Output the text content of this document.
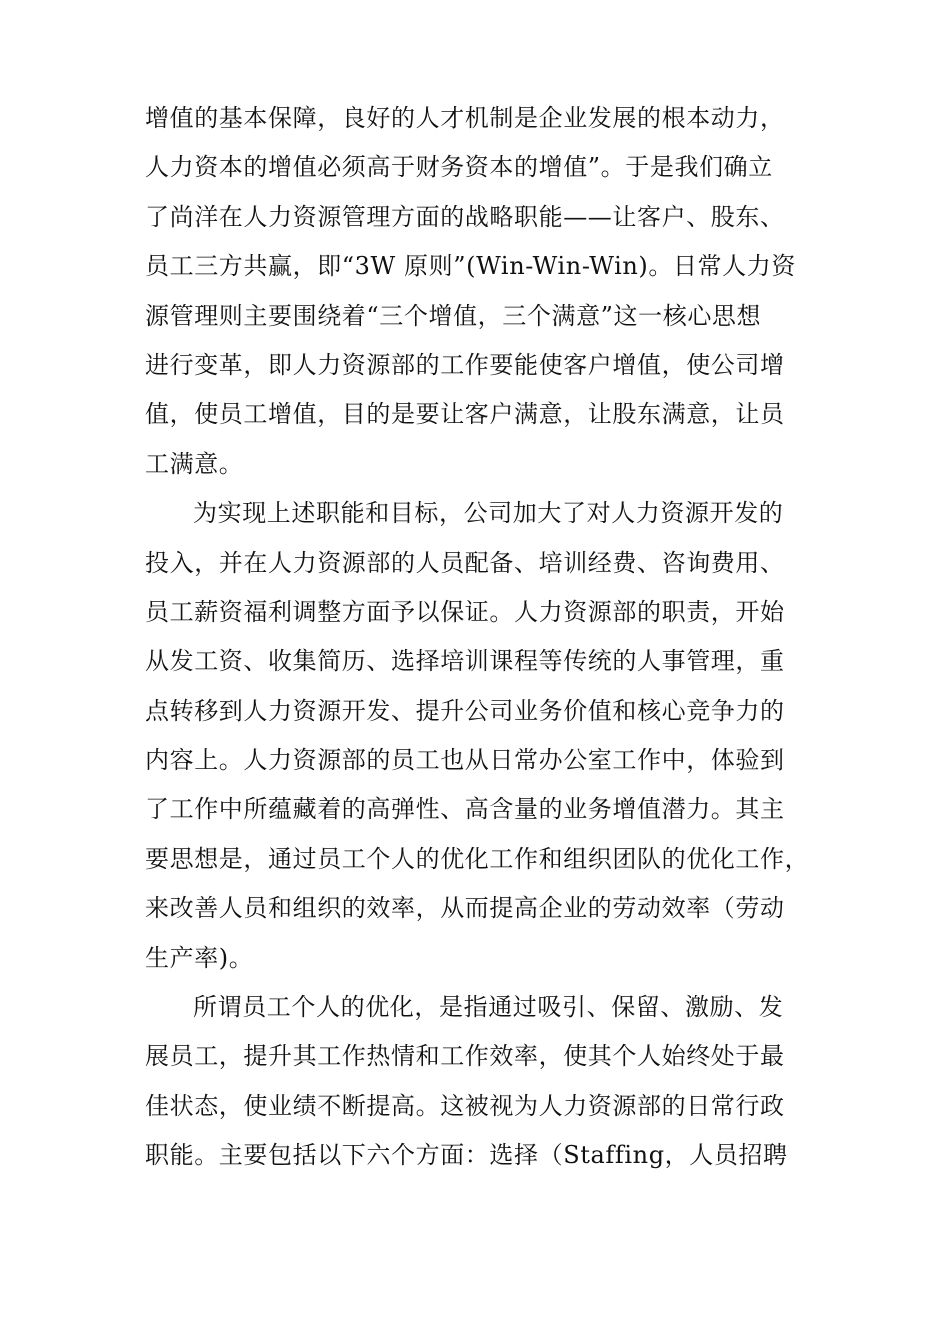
增值的基本保障，良好的人才机制是企业发展的根本动力，
人力资本的增值必须高于财务资本的增值”。于是我们确立
了尚洋在人力资源管理方面的战略职能——让客户、股东、
员工三方共赢，即“3W 原则”(Win-Win-Win)。日常人力资
源管理则主要围绕着“三个增值，三个满意”这一核心思想
进行变革，即人力资源部的工作要能使客户增值，使公司增
值，使员工增值，目的是要让客户满意，让股东满意，让员
工满意。
为实现上述职能和目标，公司加大了对人力资源开发的
投入，并在人力资源部的人员配备、培训经费、咨询费用、
员工薪资福利调整方面予以保证。人力资源部的职责，开始
从发工资、收集简历、选择培训课程等传统的人事管理，重
点转移到人力资源开发、提升公司业务价值和核心竞争力的
内容上。人力资源部的员工也从日常办公室工作中，体验到
了工作中所蕴藏着的高弹性、高含量的业务增值潜力。其主
要思想是，通过员工个人的优化工作和组织团队的优化工作，
来改善人员和组织的效率，从而提高企业的劳动效率（劳动
生产率)。
所谓员工个人的优化，是指通过吸引、保留、激励、发
展员工，提升其工作热情和工作效率，使其个人始终处于最
佳状态，使业绩不断提高。这被视为人力资源部的日常行政
职能。主要包括以下六个方面：选择（Staffing，人员招聘
